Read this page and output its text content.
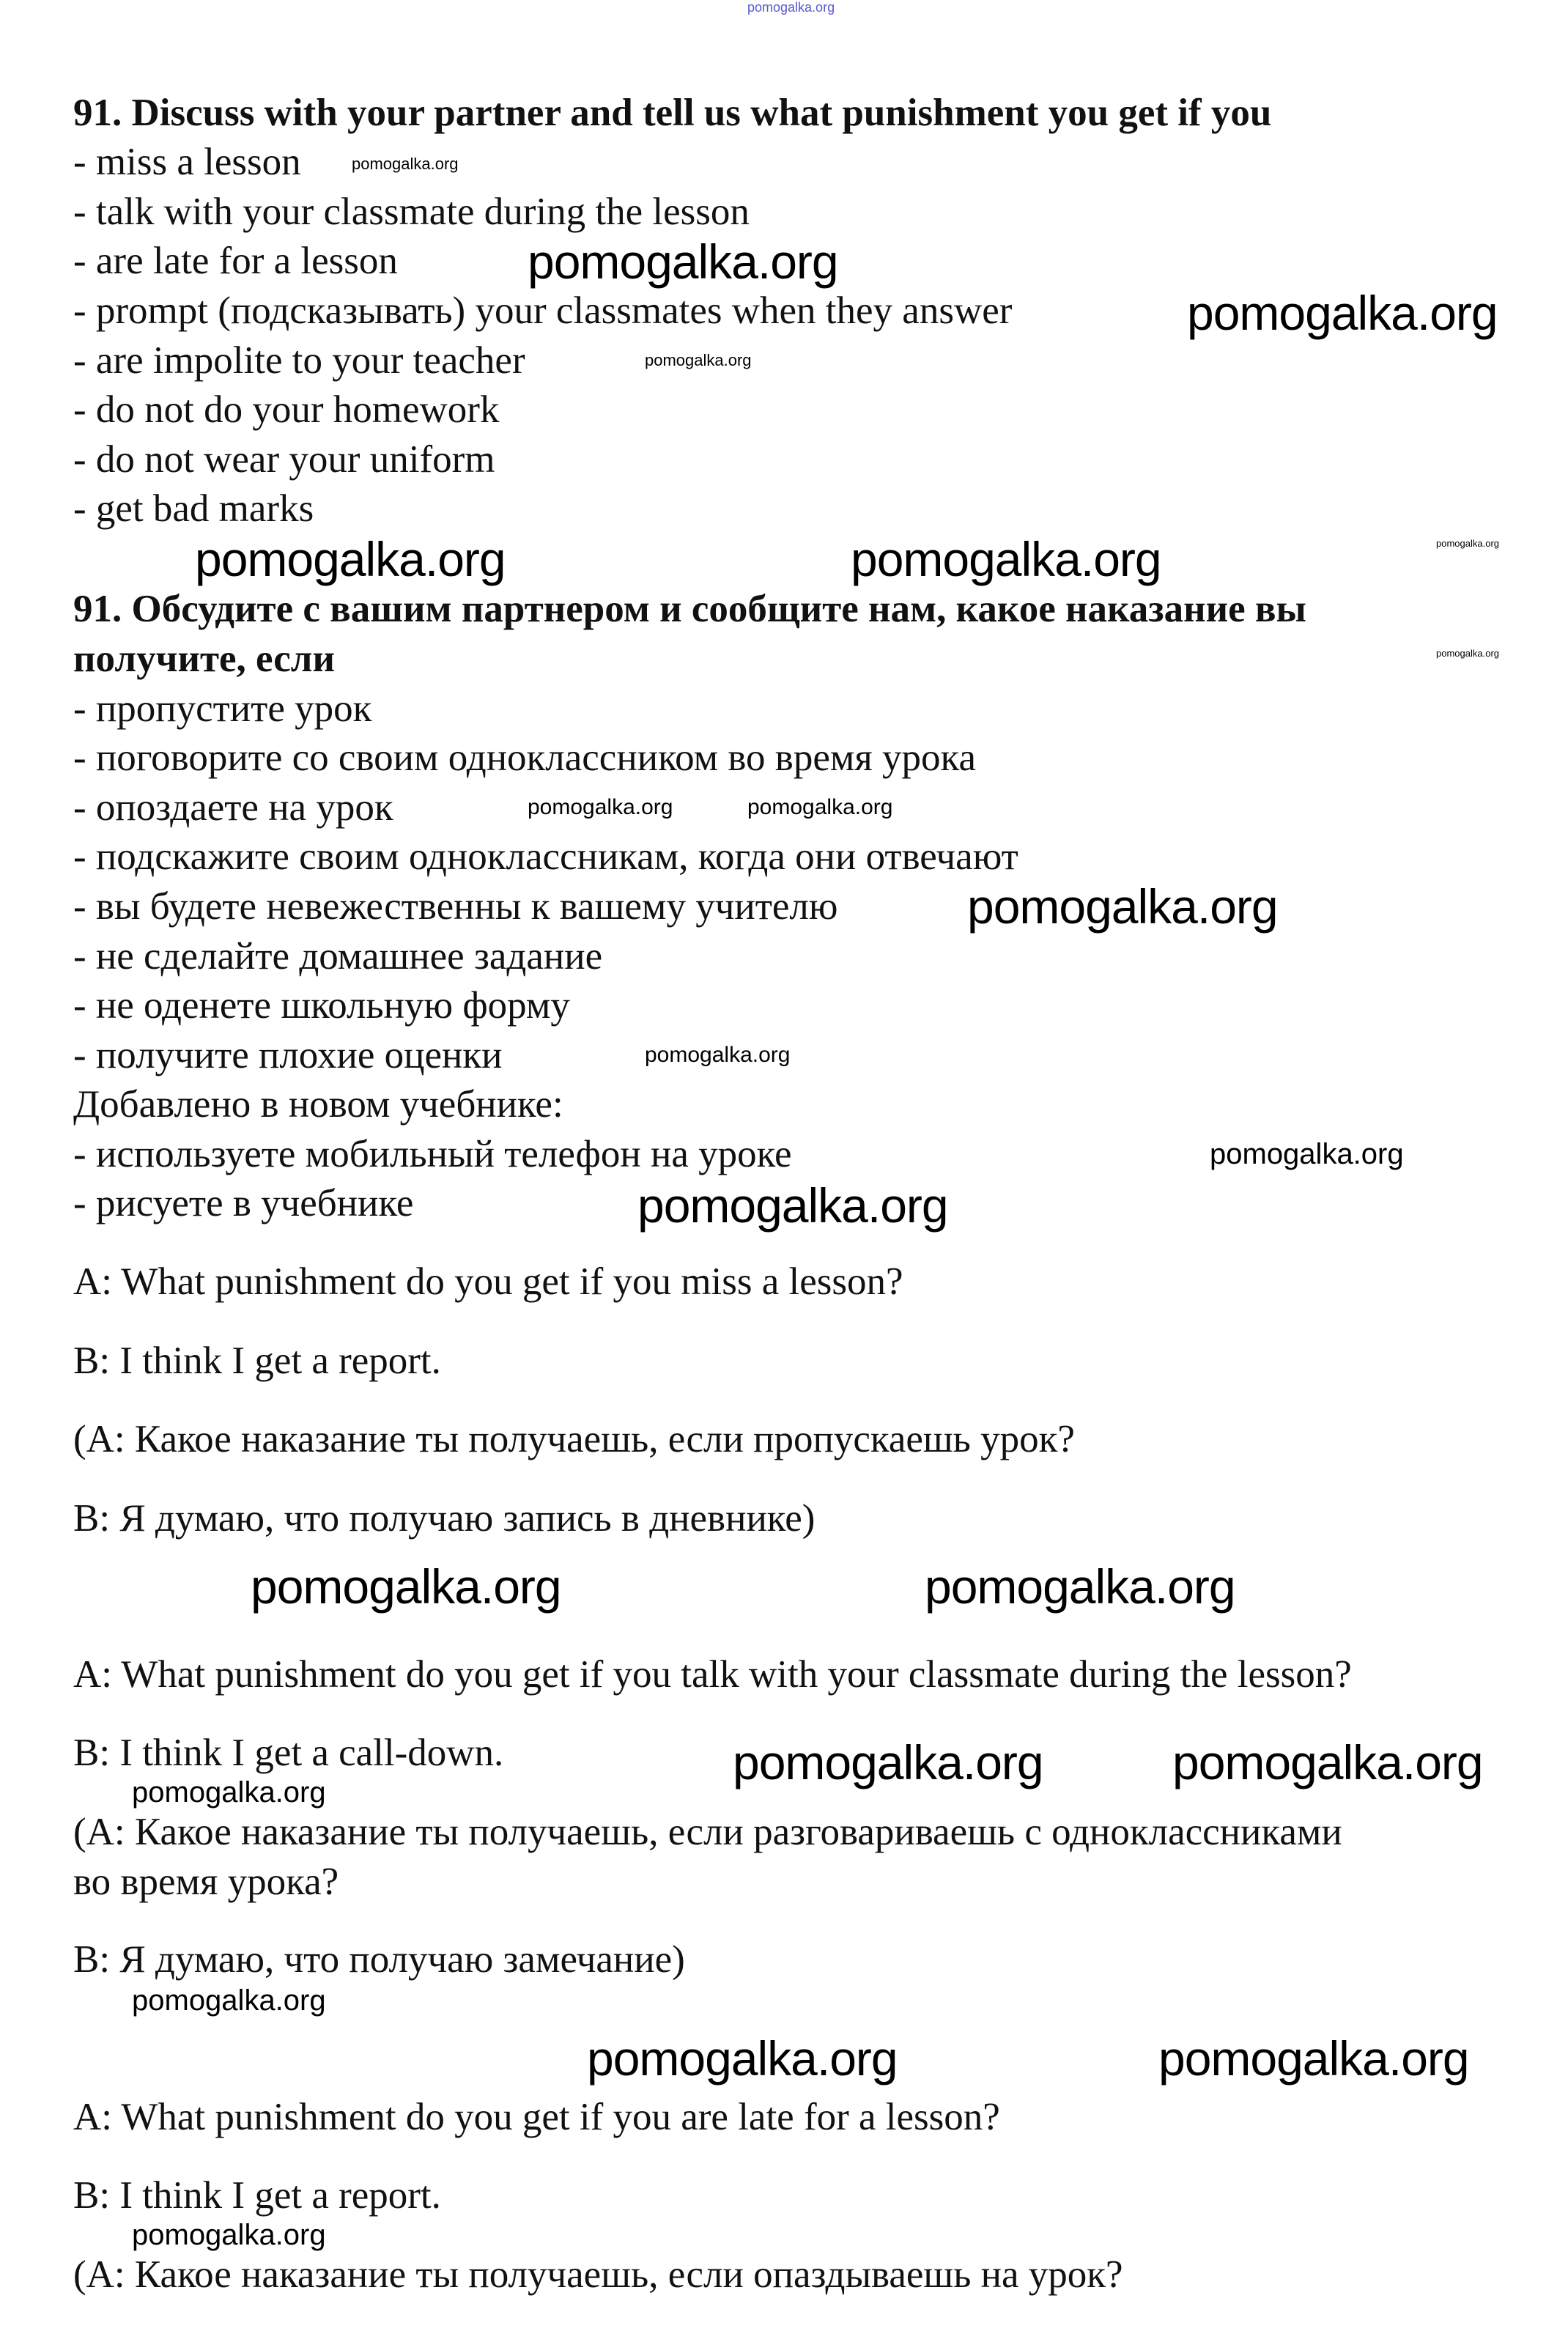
pomogalka.org
91. Discuss with your partner and tell us what punishment you get if you
- miss a lesson
- talk with your classmate during the lesson
- are late for a lesson
- prompt (подсказывать) your classmates when they answer
- are impolite to your teacher
- do not do your homework
- do not wear your uniform
- get bad marks
91. Обсудите с вашим партнером и сообщите нам, какое наказание вы
получите, если
- пропустите урок
- поговорите со своим одноклассником во время урока
- опоздаете на урок
- подскажите своим одноклассникам, когда они отвечают
- вы будете невежественны к вашему учителю
- не сделайте домашнее задание
- не оденете школьную форму
- получите плохие оценки
Добавлено в новом учебнике:
- используете мобильный телефон на уроке
- рисуете в учебнике
A: What punishment do you get if you miss a lesson?
B: I think I get a report.
(A: Какое наказание ты получаешь, если пропускаешь урок?
B: Я думаю, что получаю запись в дневнике)
A: What punishment do you get if you talk with your classmate during the lesson?
B: I think I get a call-down.
(A: Какое наказание ты получаешь, если разговариваешь с одноклассниками
во время урока?
B: Я думаю, что получаю замечание)
A: What punishment do you get if you are late for a lesson?
B: I think I get a report.
(A: Какое наказание ты получаешь, если опаздываешь на урок?
pomogalka.org
pomogalka.org
pomogalka.org
pomogalka.org
pomogalka.org	pomogalka.org	pomogalka.org
pomogalka.org
pomogalka.org	pomogalka.org
pomogalka.org
pomogalka.org
pomogalka.org
pomogalka.org
pomogalka.org	pomogalka.org
pomogalka.org	pomogalka.org
pomogalka.org
pomogalka.org
pomogalka.org	pomogalka.org
pomogalka.org
